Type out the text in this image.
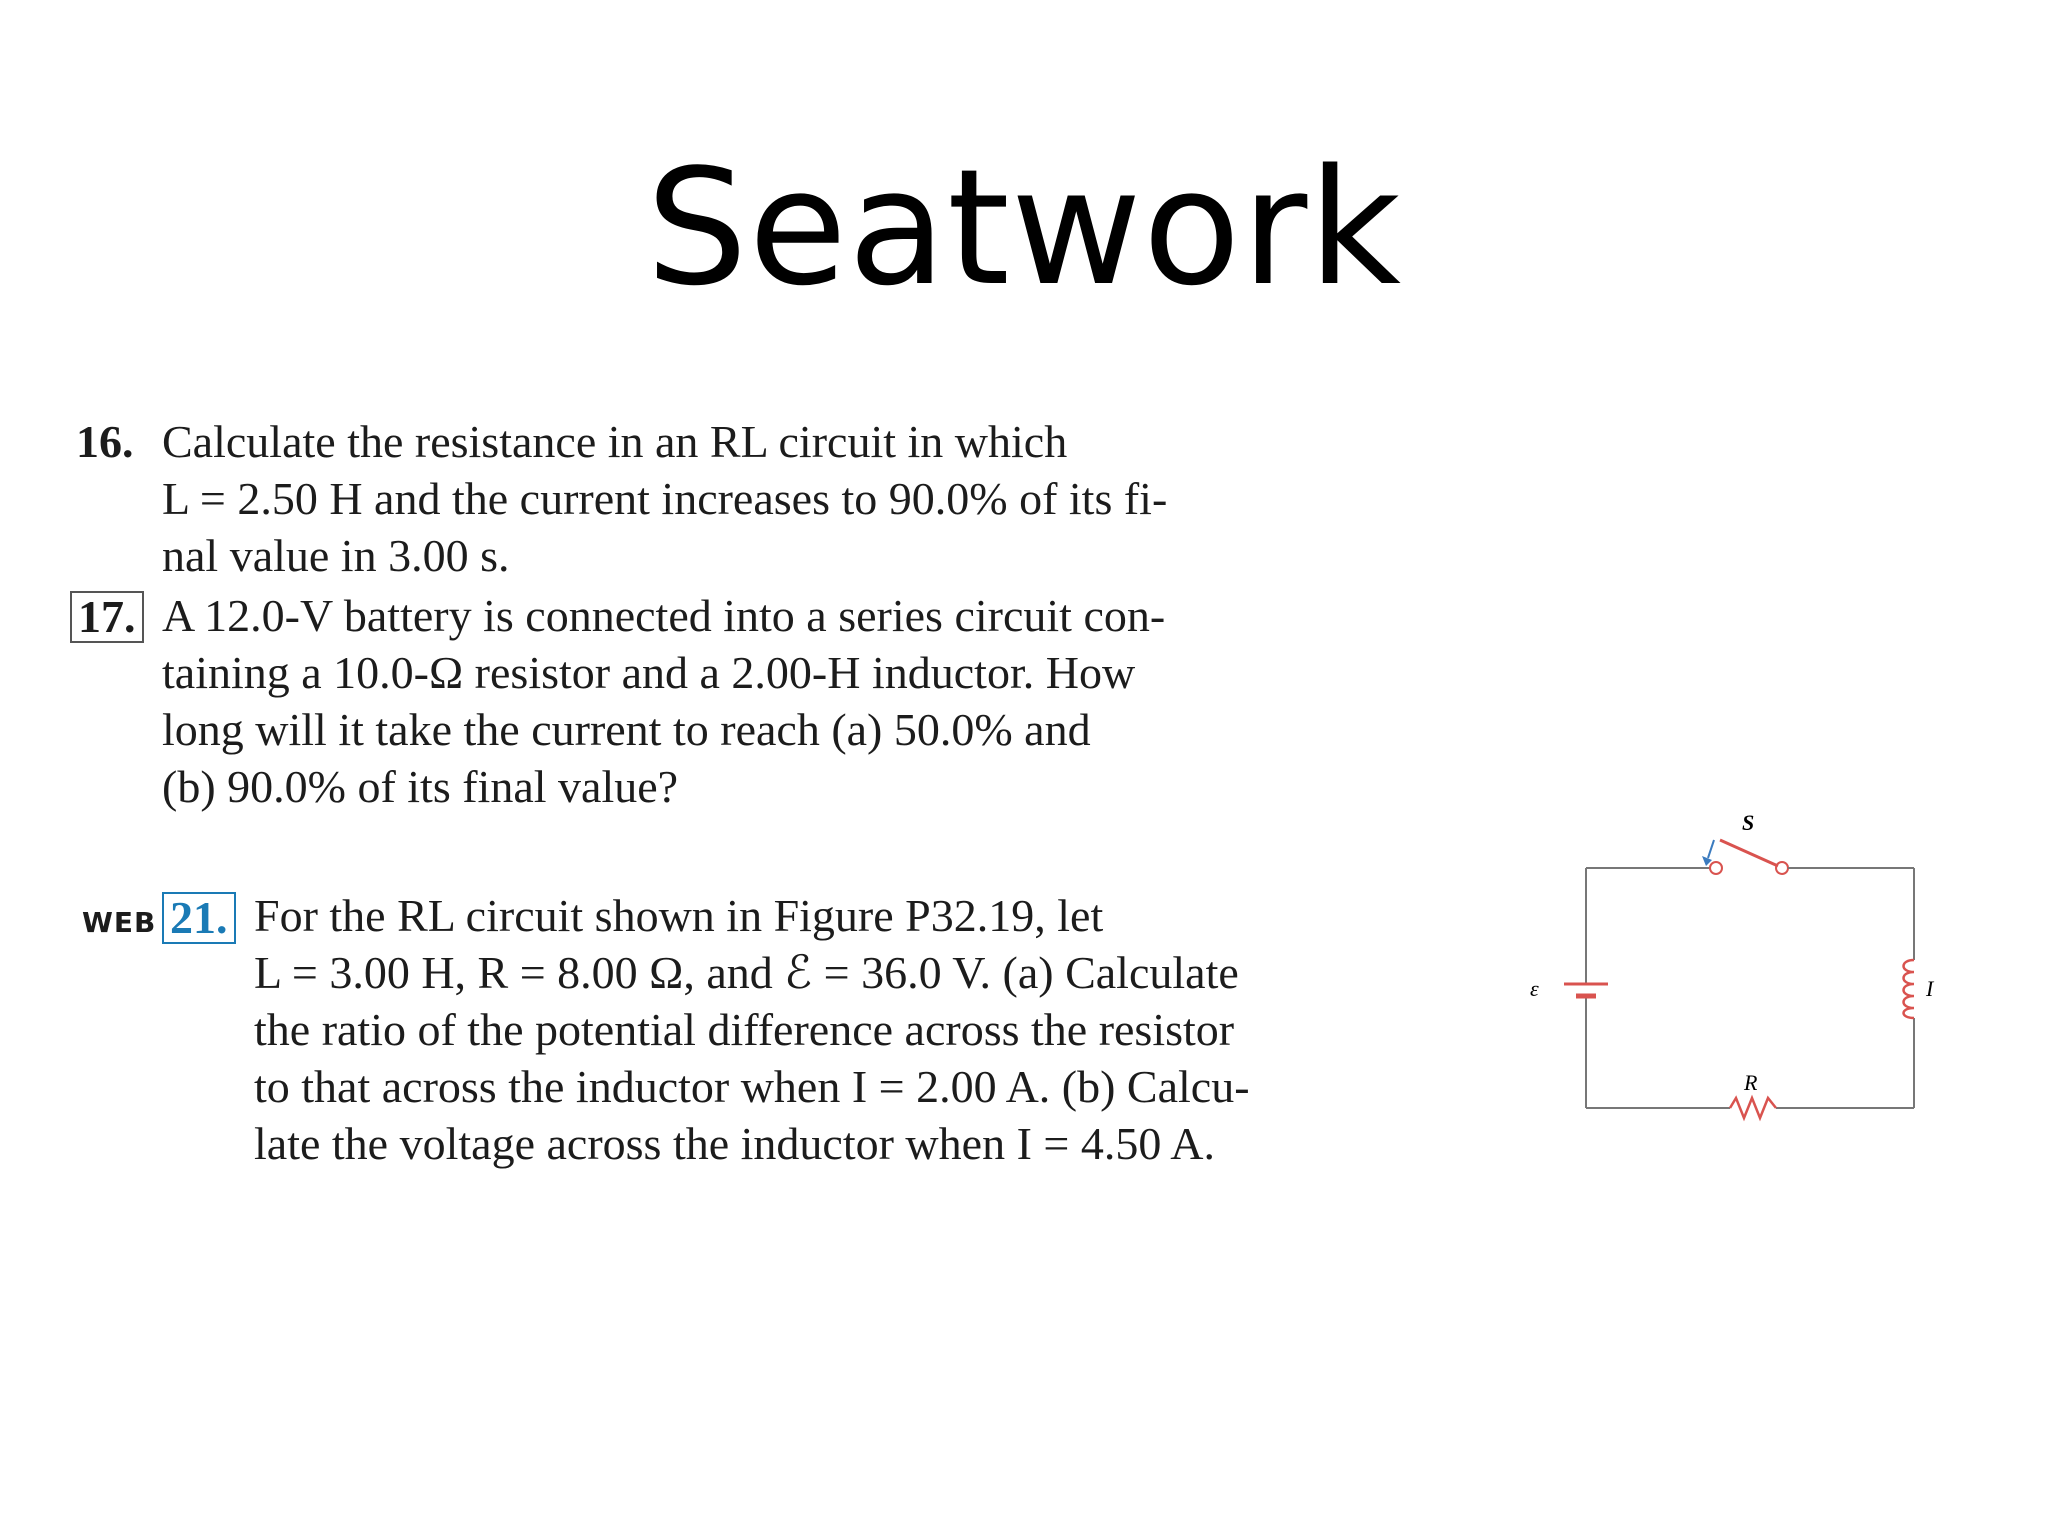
Seatwork
16. Calculate the resistance in an RL circuit in which
L = 2.50 H and the current increases to 90.0% of its fi-
nal value in 3.00 s.
17. A 12.0-V battery is connected into a series circuit con-
taining a 10.0-Ω resistor and a 2.00-H inductor. How
long will it take the current to reach (a) 50.0% and
(b) 90.0% of its final value?
WEB 21. For the RL circuit shown in Figure P32.19, let
L = 3.00 H, R = 8.00 Ω, and ℰ = 36.0 V. (a) Calculate
the ratio of the potential difference across the resistor
to that across the inductor when I = 2.00 A. (b) Calcu-
late the voltage across the inductor when I = 4.50 A.
S
ε
R
I
